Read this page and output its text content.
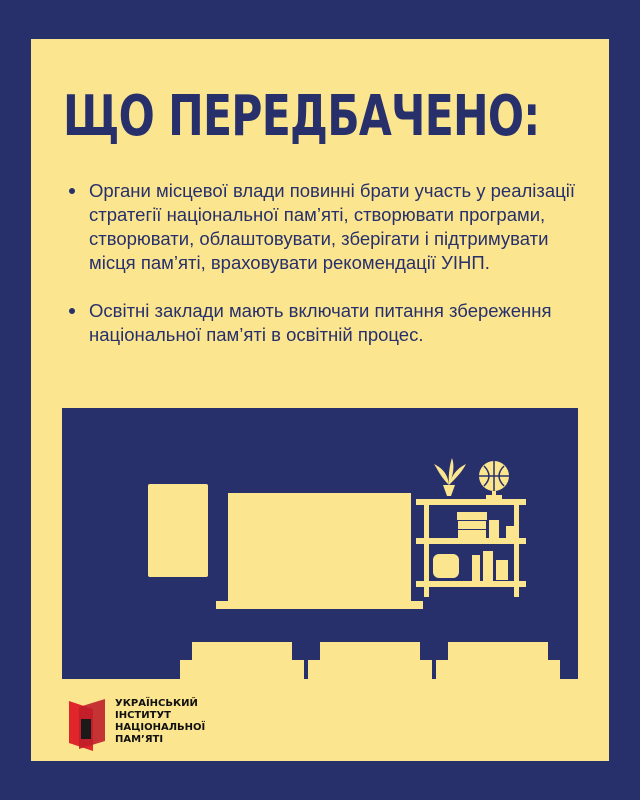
ЩО ПЕРЕДБАЧЕНО:
Органи місцевої влади повинні брати участь у реалізації стратегії національної пам’яті, створювати програми, створювати, облаштовувати, зберігати і підтримувати місця пам’яті, враховувати рекомендації УІНП.
Освітні заклади мають включати питання збереження національної пам’яті в освітній процес.
УКРАЇНСЬКИЙ
ІНСТИТУТ
НАЦІОНАЛЬНОЇ
ПАМ’ЯТІ
